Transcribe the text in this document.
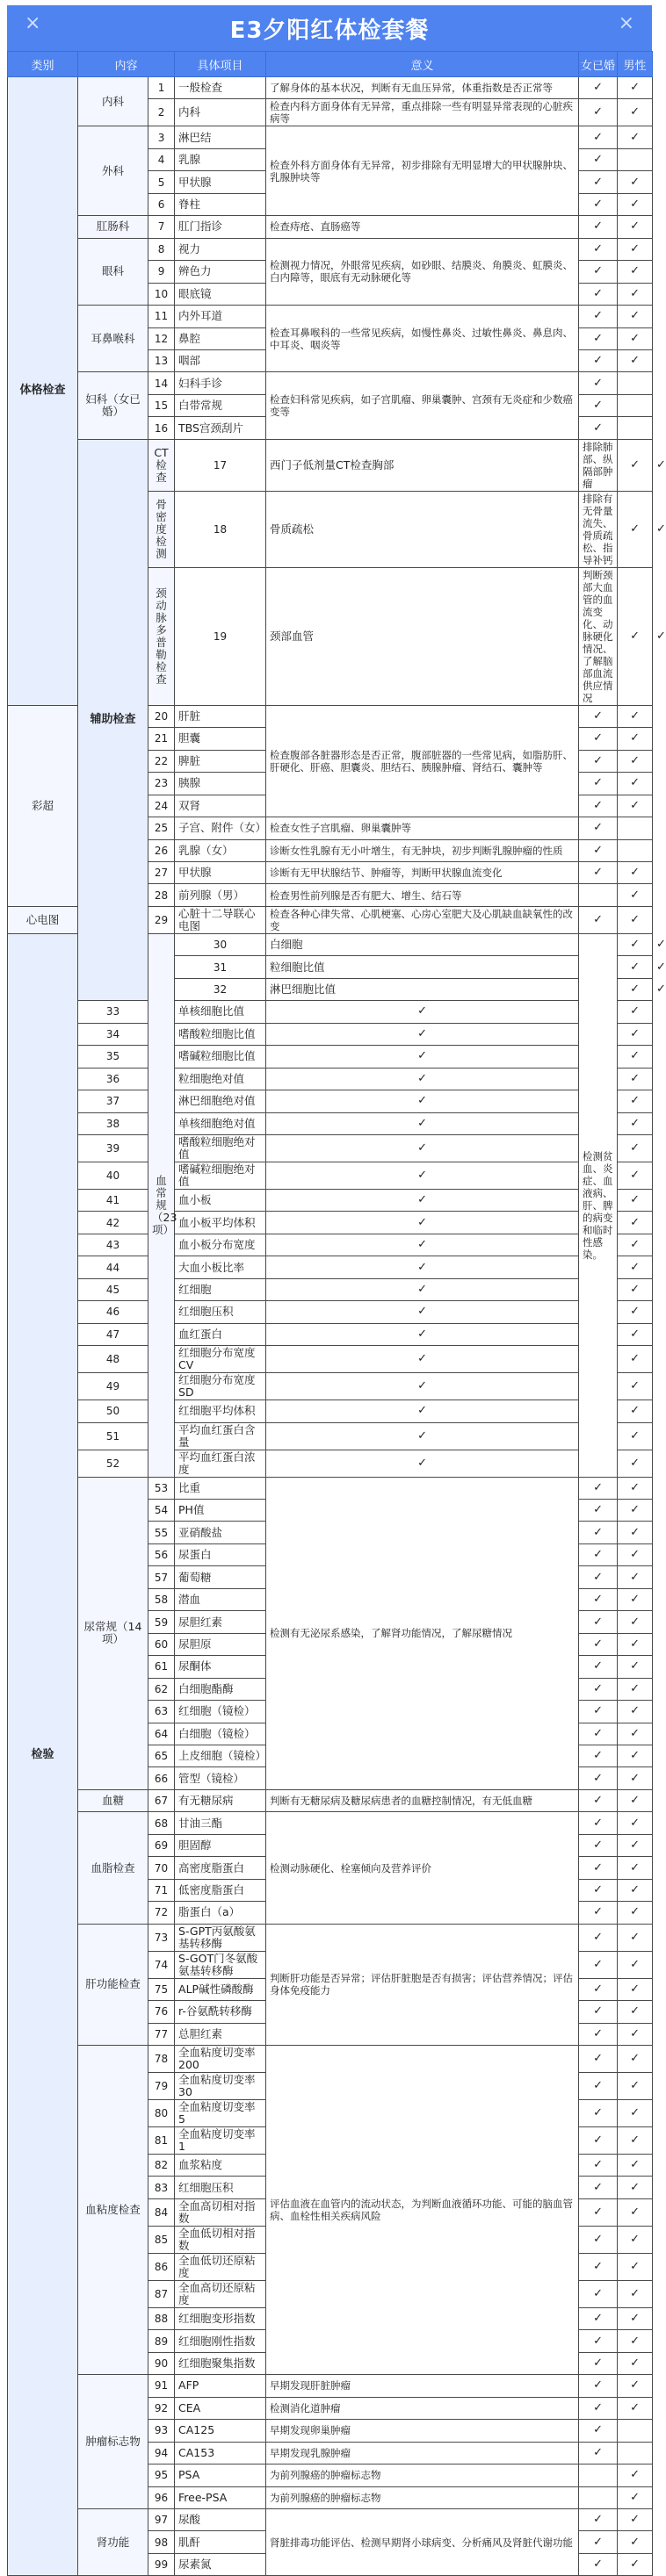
×	E3夕阳红体检套餐	×
类别	内容		具体项目	意义	女已婚	男性	
体格检查	内科	1	一般检查	了解身体的基本状况，判断有无血压异常，体重指数是否正常等	✓	✓	
		2	内科	检查内科方面身体有无异常，重点排除一些有明显异常表现的心脏疾病等	✓	✓	
	外科	3	淋巴结	检查外科方面身体有无异常，初步排除有无明显增大的甲状腺肿块、乳腺肿块等	✓	✓	
		4	乳腺		✓		
		5	甲状腺		✓	✓	
		6	脊柱		✓	✓	
	肛肠科	7	肛门指诊	检查痔疮、直肠癌等	✓	✓	
	眼科	8	视力	检测视力情况，外眼常见疾病，如砂眼、结膜炎、角膜炎、虹膜炎、白内障等，眼底有无动脉硬化等	✓	✓	
		9	辨色力		✓	✓	
		10	眼底镜		✓	✓	
	耳鼻喉科	11	内外耳道	检查耳鼻喉科的一些常见疾病，如慢性鼻炎、过敏性鼻炎、鼻息肉、中耳炎、咽炎等	✓	✓	
		12	鼻腔		✓	✓	
		13	咽部		✓	✓	
	妇科（女已婚）	14	妇科手诊	检查妇科常见疾病，如子宫肌瘤、卵巢囊肿、宫颈有无炎症和少数癌变等	✓		
		15	白带常规		✓		
		16	TBS宫颈刮片		✓		
	辅助检查	CT检查	17	西门子低剂量CT检查胸部	排除肺部、纵隔部肿瘤	✓	✓
		骨密度检测	18	骨质疏松	排除有无骨量流失、骨质疏松、指导补钙	✓	✓
		颈动脉多普勒检查	19	颈部血管	判断颈部大血管的血流变化、动脉硬化情况、了解脑部血流供应情况	✓	✓
彩超		20	肝脏	检查腹部各脏器形态是否正常，腹部脏器的一些常见病，如脂肪肝、肝硬化、肝癌、胆囊炎、胆结石、胰腺肿瘤、肾结石、囊肿等	✓	✓	
		21	胆囊		✓	✓	
		22	脾脏		✓	✓	
		23	胰腺		✓	✓	
		24	双肾		✓	✓	
		25	子宫、附件（女）	检查女性子宫肌瘤、卵巢囊肿等	✓		
		26	乳腺（女）	诊断女性乳腺有无小叶增生，有无肿块，初步判断乳腺肿瘤的性质	✓		
		27	甲状腺	诊断有无甲状腺结节、肿瘤等，判断甲状腺血流变化	✓	✓	
		28	前列腺（男）	检查男性前列腺是否有肥大、增生、结石等		✓	
心电图		29	心脏十二导联心电图	检查各种心律失常、心肌梗塞、心房心室肥大及心肌缺血缺氧性的改变	✓	✓	
检验		血常规（23项）	30	白细胞	检测贫血、炎症、血液病、肝、脾的病变和临时性感染。	✓	✓
			31	粒细胞比值		✓	✓
			32	淋巴细胞比值		✓	✓
	33		单核细胞比值	✓		✓	
	34		嗜酸粒细胞比值	✓		✓	
	35		嗜碱粒细胞比值	✓		✓	
	36		粒细胞绝对值	✓		✓	
	37		淋巴细胞绝对值	✓		✓	
	38		单核细胞绝对值	✓		✓	
	39		嗜酸粒细胞绝对值	✓		✓	
	40		嗜碱粒细胞绝对值	✓		✓	
	41		血小板	✓		✓	
	42		血小板平均体积	✓		✓	
	43		血小板分布宽度	✓		✓	
	44		大血小板比率	✓		✓	
	45		红细胞	✓		✓	
	46		红细胞压积	✓		✓	
	47		血红蛋白	✓		✓	
	48		红细胞分布宽度CV	✓		✓	
	49		红细胞分布宽度SD	✓		✓	
	50		红细胞平均体积	✓		✓	
	51		平均血红蛋白含量	✓		✓	
	52		平均血红蛋白浓度	✓		✓	
	尿常规（14项）	53	比重	检测有无泌尿系感染，了解肾功能情况，了解尿糖情况	✓	✓	
		54	PH值		✓	✓	
		55	亚硝酸盐		✓	✓	
		56	尿蛋白		✓	✓	
		57	葡萄糖		✓	✓	
		58	潜血		✓	✓	
		59	尿胆红素		✓	✓	
		60	尿胆原		✓	✓	
		61	尿酮体		✓	✓	
		62	白细胞酯酶		✓	✓	
		63	红细胞（镜检）		✓	✓	
		64	白细胞（镜检）		✓	✓	
		65	上皮细胞（镜检）		✓	✓	
		66	管型（镜检）		✓	✓	
	血糖	67	有无糖尿病	判断有无糖尿病及糖尿病患者的血糖控制情况，有无低血糖	✓	✓	
	血脂检查	68	甘油三酯	检测动脉硬化、栓塞倾向及营养评价	✓	✓	
		69	胆固醇		✓	✓	
		70	高密度脂蛋白		✓	✓	
		71	低密度脂蛋白		✓	✓	
		72	脂蛋白（a）		✓	✓	
	肝功能检查	73	S-GPT丙氨酸氨基转移酶	判断肝功能是否异常；评估肝脏胞是否有损害；评估营养情况；评估身体免疫能力	✓	✓	
		74	S-GOT门冬氨酸氨基转移酶		✓	✓	
		75	ALP碱性磷酸酶		✓	✓	
		76	r-谷氨酰转移酶		✓	✓	
		77	总胆红素		✓	✓	
	血粘度检查	78	全血粘度切变率200	评估血液在血管内的流动状态，为判断血液循环功能、可能的脑血管病、血栓性相关疾病风险	✓	✓	
		79	全血粘度切变率30		✓	✓	
		80	全血粘度切变率5		✓	✓	
		81	全血粘度切变率1		✓	✓	
		82	血浆粘度		✓	✓	
		83	红细胞压积		✓	✓	
		84	全血高切相对指数		✓	✓	
		85	全血低切相对指数		✓	✓	
		86	全血低切还原粘度		✓	✓	
		87	全血高切还原粘度		✓	✓	
		88	红细胞变形指数		✓	✓	
		89	红细胞刚性指数		✓	✓	
		90	红细胞聚集指数		✓	✓	
	肿瘤标志物	91	AFP	早期发现肝脏肿瘤	✓	✓	
		92	CEA	检测消化道肿瘤	✓	✓	
		93	CA125	早期发现卵巢肿瘤	✓		
		94	CA153	早期发现乳腺肿瘤	✓		
		95	PSA	为前列腺癌的肿瘤标志物		✓	
		96	Free-PSA	为前列腺癌的肿瘤标志物		✓	
	肾功能	97	尿酸	肾脏排毒功能评估、检测早期肾小球病变、分析痛风及肾脏代谢功能	✓	✓	
		98	肌酐		✓	✓	
		99	尿素氮		✓	✓	
